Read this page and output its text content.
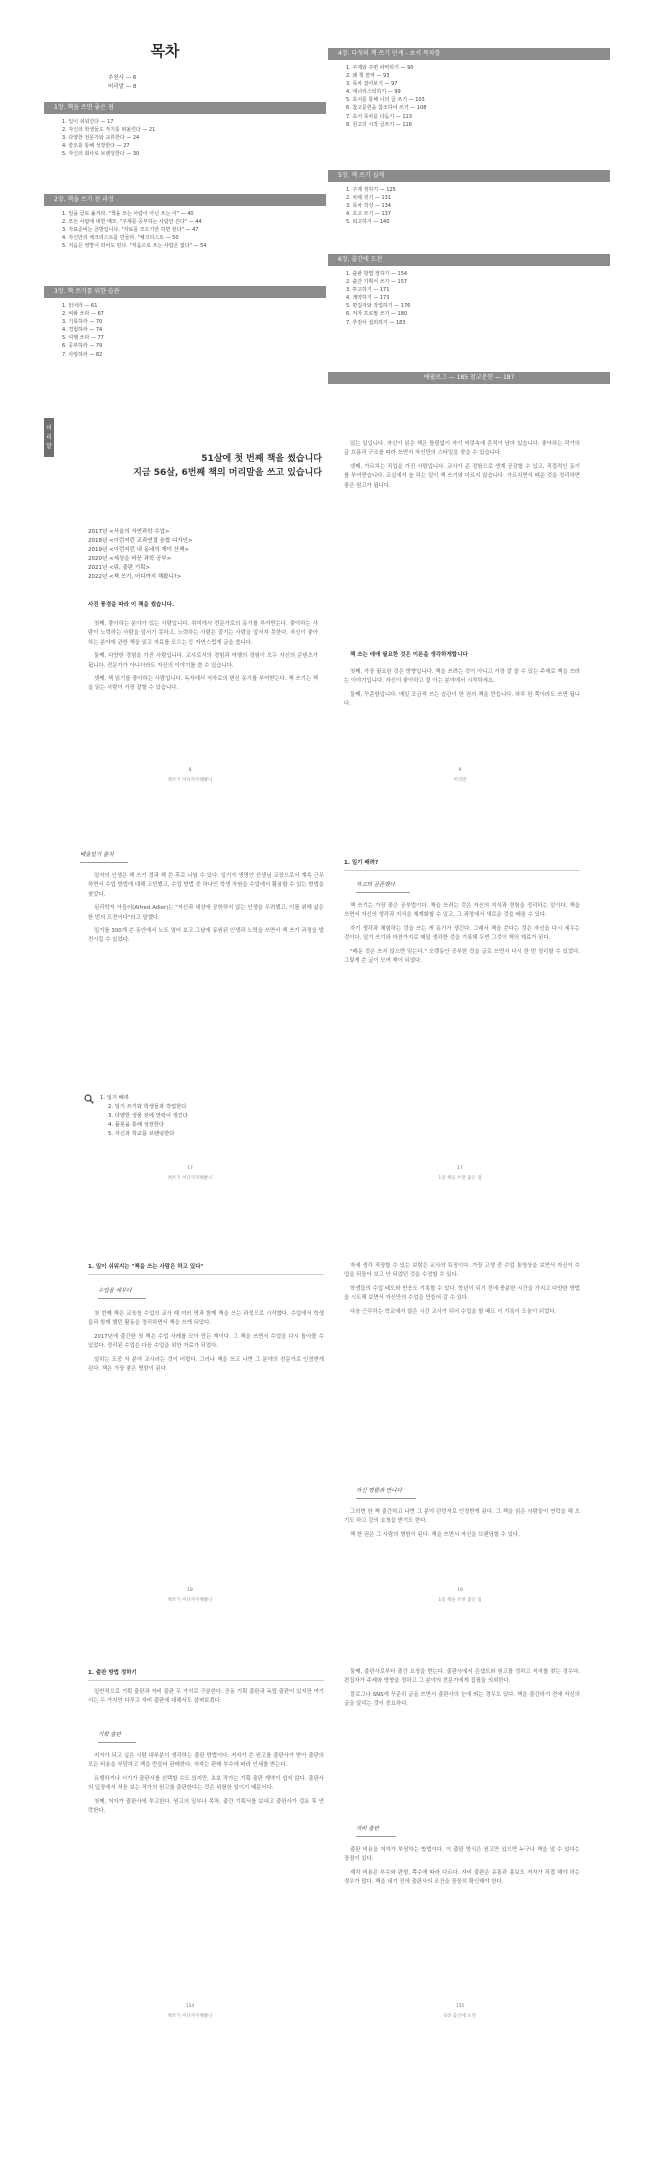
목차
추천사 — 6
머리말 — 8
1장. 책을 쓰면 좋은 점
1. 일이 쉬워진다 — 17
2. 자신의 학생들도 자기를 떠올린다 — 21
3. 다양한 전문가와 교류한다 — 24
4. 쓸모를 통해 성장한다 — 27
5. 자신의 회사로 브랜딩한다 — 30
2장. 책을 쓰기 전 과정
1. 일을 글로 옮겨라. "책을 쓰는 사람이 아닌 쓰는 이" — 40
2. 모든 사람에 대한 메모. "주제를 공부하는 사람만 쓴다" — 44
3. 자료준비는 금방입니다. "자료를 모으기만 하면 된다" — 47
4. 자신만의 체크리스트를 만들라. "체크리스트 — 50
5. 처음은 엉망이 되어도 된다. "처음으로 쓰는 사람은 없다" — 54
3장. 책 쓰기를 위한 습관
1. 읽어라 — 61
2. 써봐 쓰라 — 67
3. 기록하라 — 70
4. 경험하라 — 74
5. 여행 쓰라 — 77
6. 공부하라 — 79
7. 사랑하라 — 82
4장. 다섯의 책 쓰기 단계 - 초서 목차를
1. 주제와 주변 파악하기 — 90
2. 왜 책 쓸까 — 93
3. 목차 잡아보기 — 97
4. 애너리스틱하기 — 99
5. 초서를 통해 나의 글 쓰기 — 103
6. 참고문헌을 참조하여 쓰기 — 108
7. 초서 목차를 다듬기 — 113
8. 원고의 시작 글쓰기 — 116
5장. 책 쓰기 실제
1. 주제 정하기 — 125
2. 차례 짓기 — 131
3. 목차 작성 — 134
4. 초고 쓰기 — 137
5. 퇴고하기 — 140
6장. 출간에 도전
1. 출판 방법 정하기 — 154
2. 출간 기획서 쓰기 — 157
3. 투고하기 — 171
4. 계약하기 — 173
5. 편집자와 작업하기 — 176
6. 저자 프로필 쓰기 — 180
7. 추천사 섭외하기 — 183
에필로그 — 185 참고문헌 — 187
머리말
51살에 첫 번째 책을 썼습니다
지금 56살, 6번째 책의 머리말을 쓰고 있습니다
2017년 <서울의 자연과학 수업>
2018년 <이런저런 교과연결 융합 디자인>
2019년 <이런저런 내 동네의 재미 산책>
2020년 <세상을 바꾼 과학 공부>
2021년 <뭐, 출판 기획>
2022년 <책 쓰기, 어디까지 해봤니?>
사진 풍경을 따라 이 책을 썼습니다.

첫째, 좋아하는 분야가 있는 사람입니다. 취미에서 전문가로의 동기를 부여받는다. 좋아하는 사람이 노력하는 사람을 앞서기 못하고, 노력하는 사람은 즐기는 사람을 앞서지 못한다. 자신이 좋아하는 분야에 관한 책을 읽고 자료를 모으는 등 자연스럽게 글을 씁니다.

둘째, 다양한 경험을 가진 사람입니다. 교사로서의 경험과 여행의 경험이 모두 자신의 콘텐츠가 됩니다. 전문가가 아니더라도 자신의 이야기를 쓸 수 있습니다.

셋째, 책 읽기를 좋아하는 사람입니다. 독자에서 저자로의 변신 동기를 부여받는다. 책 쓰기는 책을 읽는 사람이 가장 잘할 수 있습니다.

있는 일입니다. 자신이 읽은 책은 틀림없이 자기 머릿속에 흔적이 남아 있습니다. 좋아하는 작가의 글 흐름과 구조를 따라 쓰면서 자신만의 스타일을 찾을 수 있습니다.

넷째, 가르치는 직업을 가진 사람입니다. 교사가 준 경험으로 생계 공감할 수 있고, 직접적인 동기를 부여받습니다. 교실에서 늘 하는 일이 책 쓰기와 다르지 않습니다. 가르치면서 배운 것을 정리하면 좋은 원고가 됩니다.

책 쓰는 데에 필요한 것은 이론을 생각하게합니다

첫째, 가장 필요한 것은 방향입니다. 책을 쓰려는 것이 아니고 가장 잘 쓸 수 있는 주제로 책을 쓰라는 이야기입니다. 자신이 좋아하고 잘 아는 분야에서 시작하세요.

둘째, 꾸준함입니다. 매일 조금씩 쓰는 습관이 한 권의 책을 만듭니다. 하루 한 쪽이라도 쓰면 됩니다.

8
책쓰기 어디까지해봤니
9
머리말
배움일기 출처

일자의 인생은 책 쓰기 경과 책 쓴 후로 나뉠 수 있다. 일기가 생명인 선생님 교장으로서 계속 근무하면서 수업 방법에 대해 고민했고, 수업 방법 중 하나인 학생 자원을 수업에서 활용할 수 있는 방법을 찾았다.

심리학자 아들러(Alfred Adler)는 "자신과 세상에 공헌하지 않는 인생을 우려했고, 이를 위해 삶은 한 번의 도전이다"라고 말했다.

일기를 300개 쓴 동안에서 노트 열어 보고 그날에 동원된 인생과 노력을 쓰면서 책 쓰기 과정을 발전시킬 수 있었다.

1. 일기 배려
2. 일기 쓰기와 학생들과 작업한다
3. 다양한 생물 전에 연락이 생긴다
4. 플롯을 통해 성장한다
5. 자신과 학교를 브랜딩한다
1. 일기 배려?
차고의 공존했다

책 쓰기는 가장 좋은 공부법이다. 책을 쓰려는 것은 자신의 지식과 경험을 정리하는 일이다. 책을 쓰면서 자신의 생각과 지식을 체계화할 수 있고, 그 과정에서 새로운 것을 배울 수 있다.

자기 생각과 체험하는 것을 쓰는 게 동기가 생긴다. 그래서 책을 쓴다는 것은 자신을 다시 세우는 것이다. 일기 쓰기와 마찬가지로 매일 생각한 것을 기록해 두면 그것이 책의 재료가 된다.

"배운 것은 쓰지 않으면 잊는다." 오랫동안 공부한 것을 글로 쓰면서 다시 한 번 정리할 수 있었다. 그렇게 쓴 글이 모여 책이 되었다.

17
책쓰기 어디까지해봤니
17
1장 책을 쓰면 좋은 점
1. 일이 쉬워지는 "책을 쓰는 사람은 하고 있다"
수업을 세우다

첫 번째 책은 교육청 수업의 교사 때 여러 명과 함께 책을 쓰는 과정으로 시작했다. 수업에서 학생들과 함께 했던 활동을 정리하면서 책을 쓰게 되었다.

2017년에 출간한 첫 책은 수업 사례를 모아 만든 책이다. 그 책을 쓰면서 수업을 다시 돌아볼 수 있었다. 정리된 수업은 다음 수업을 위한 자료가 되었다.

일하는 도중 자 분야 교사라는 것이 어렵다. 그러나 책을 쓰고 나면 그 분야의 전문가로 인정받게 된다. 책은 가장 좋은 명함이 된다.

자세 생각 직장할 수 있는 보람은 교사의 특징이다. 가장 고생 중 수업 통영상을 보면서 자신이 수업을 되돌아 보고 안 되었던 것을 수정할 수 있다.

학생들의 수업 태도와 반응도 기록할 수 있다. 학년이 되기 전에 충분한 시간을 가지고 다양한 방법을 시도해 보면서 자신만의 수업을 만들어 갈 수 있다.

다음 근무하는 학교에서 많은 시간 교사가 되어 수업을 할 때도 이 기록이 도움이 되었다.

자신 명함과 만나다

그러면 한 책 출간하고 나면 그 분야 관련자로 인정받게 된다. 그 책을 읽은 사람들이 연락을 해 오기도 하고 강의 요청을 받기도 한다.

책 한 권은 그 사람의 명함이 된다. 책을 쓰면서 자신을 브랜딩할 수 있다.

18
책쓰기 어디까지해봤니
19
1장 책을 쓰면 좋은 점
1. 출판 방법 정하기

일반적으로 기획 출판과 자비 출판 두 가지로 구분한다. 공동 기획 출판과 독립 출판이 있지만 여기서는 두 가지만 다루고 자비 출판에 대해서도 살펴보겠다.

기획 출판

저자가 되고 싶은 사람 대부분이 생각하는 출판 방법이다. 저자가 쓴 원고를 출판사가 받아 출판의 모든 비용을 부담하고 책을 만들어 판매한다. 저자는 판매 부수에 따라 인세를 받는다.

유행하거나 시기가 출판사를 선택할 수도 있지만, 초보 작가는 기획 출판 계약이 쉽지 않다. 출판사의 입장에서 처음 보는 작가의 원고를 출판한다는 것은 위험한 일이기 때문이다.

첫째, 저자가 출판사에 투고한다. 원고의 일부나 목차, 출간 기획서를 보내고 출판사가 검토 후 연락한다.

둘째, 출판사로부터 출간 요청을 받는다. 출판사에서 콘셉트와 원고를 정하고 저자를 찾는 경우다. 편집자가 주제와 방향을 정하고 그 분야의 전문가에게 집필을 의뢰한다.

블로그나 SNS에 꾸준히 글을 쓰면서 출판사의 눈에 띄는 경우도 있다. 책을 출간하기 전에 자신의 글을 알리는 것이 중요하다.

자비 출판

출판 비용을 저자가 부담하는 방법이다. 이 출판 방식은 원고만 있으면 누구나 책을 낼 수 있다는 장점이 있다.

제작 비용은 부수와 판형, 쪽수에 따라 다르다. 자비 출판은 유통과 홍보도 저자가 직접 해야 하는 경우가 많다. 책을 내기 전에 출판사의 조건을 꼼꼼히 확인해야 한다.

154
책쓰기 어디까지해봤니
155
6장 출간에 도전
